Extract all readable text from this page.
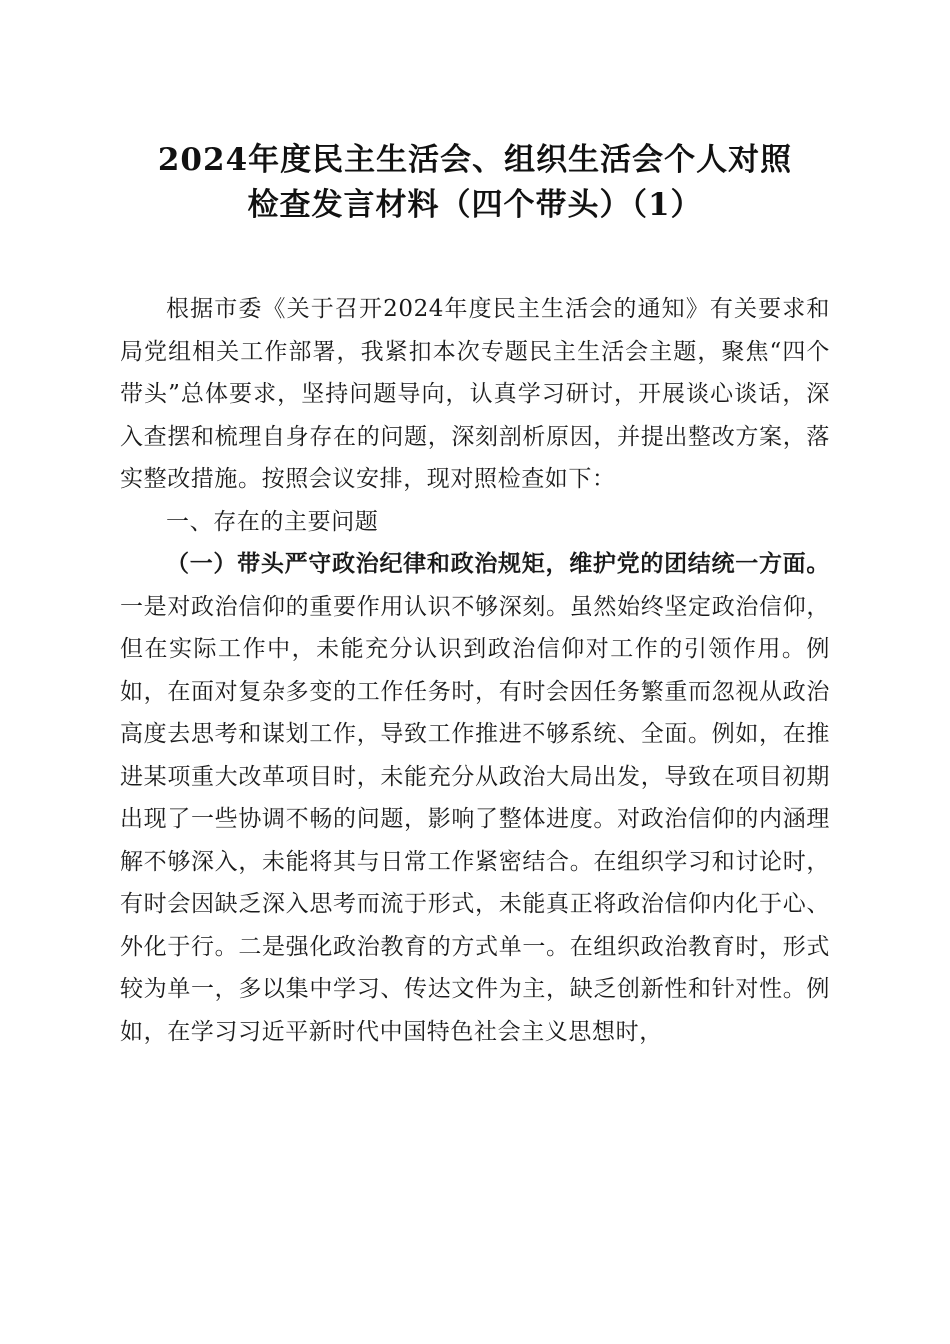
2024年度民主生活会、组织生活会个人对照
检查发言材料（四个带头）（1）

根据市委《关于召开2024年度民主生活会的通知》有关要求和局党组相关工作部署，我紧扣本次专题民主生活会主题，聚焦“四个带头”总体要求，坚持问题导向，认真学习研讨，开展谈心谈话，深入查摆和梳理自身存在的问题，深刻剖析原因，并提出整改方案，落实整改措施。按照会议安排，现对照检查如下：

一、存在的主要问题

（一）带头严守政治纪律和政治规矩，维护党的团结统一方面。一是对政治信仰的重要作用认识不够深刻。虽然始终坚定政治信仰，但在实际工作中，未能充分认识到政治信仰对工作的引领作用。例如，在面对复杂多变的工作任务时，有时会因任务繁重而忽视从政治高度去思考和谋划工作，导致工作推进不够系统、全面。例如，在推进某项重大改革项目时，未能充分从政治大局出发，导致在项目初期出现了一些协调不畅的问题，影响了整体进度。对政治信仰的内涵理解不够深入，未能将其与日常工作紧密结合。在组织学习和讨论时，有时会因缺乏深入思考而流于形式，未能真正将政治信仰内化于心、外化于行。二是强化政治教育的方式单一。在组织政治教育时，形式较为单一，多以集中学习、传达文件为主，缺乏创新性和针对性。例如，在学习习近平新时代中国特色社会主义思想时，
